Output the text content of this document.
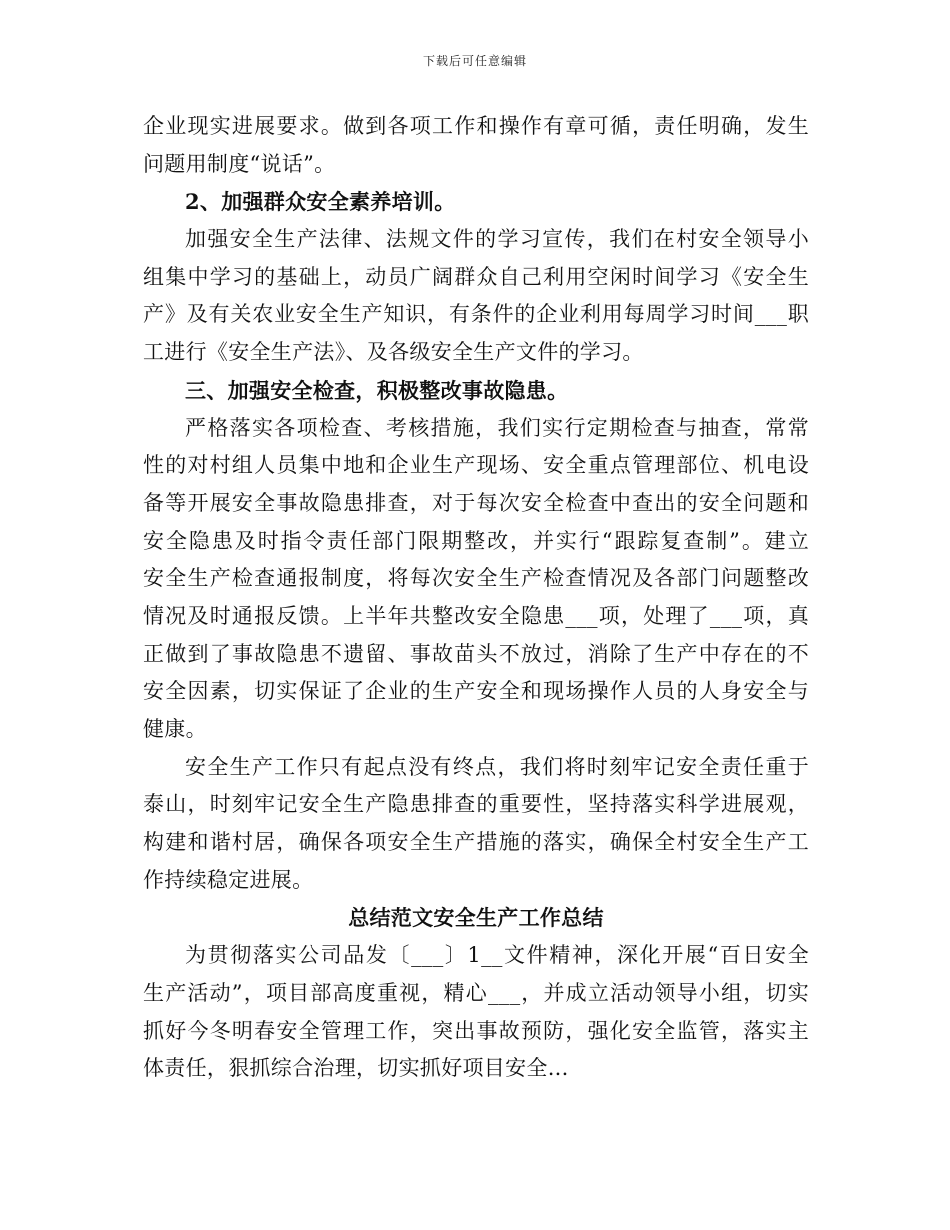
下载后可任意编辑
企业现实进展要求。做到各项工作和操作有章可循，责任明确，发生
问题用制度“说话”。
2、加强群众安全素养培训。
加强安全生产法律、法规文件的学习宣传，我们在村安全领导小
组集中学习的基础上，动员广阔群众自己利用空闲时间学习《安全生
产》及有关农业安全生产知识，有条件的企业利用每周学习时间___职
工进行《安全生产法》、及各级安全生产文件的学习。
三、加强安全检查，积极整改事故隐患。
严格落实各项检查、考核措施，我们实行定期检查与抽查，常常
性的对村组人员集中地和企业生产现场、安全重点管理部位、机电设
备等开展安全事故隐患排查，对于每次安全检查中查出的安全问题和
安全隐患及时指令责任部门限期整改，并实行“跟踪复查制”。建立
安全生产检查通报制度，将每次安全生产检查情况及各部门问题整改
情况及时通报反馈。上半年共整改安全隐患___项，处理了___项，真
正做到了事故隐患不遗留、事故苗头不放过，消除了生产中存在的不
安全因素，切实保证了企业的生产安全和现场操作人员的人身安全与
健康。
安全生产工作只有起点没有终点，我们将时刻牢记安全责任重于
泰山，时刻牢记安全生产隐患排查的重要性，坚持落实科学进展观，
构建和谐村居，确保各项安全生产措施的落实，确保全村安全生产工
作持续稳定进展。
总结范文安全生产工作总结
为贯彻落实公司品发〔___〕1__文件精神，深化开展“百日安全
生产活动”，项目部高度重视，精心___，并成立活动领导小组，切实
抓好今冬明春安全管理工作，突出事故预防，强化安全监管，落实主
体责任，狠抓综合治理，切实抓好项目安全...
